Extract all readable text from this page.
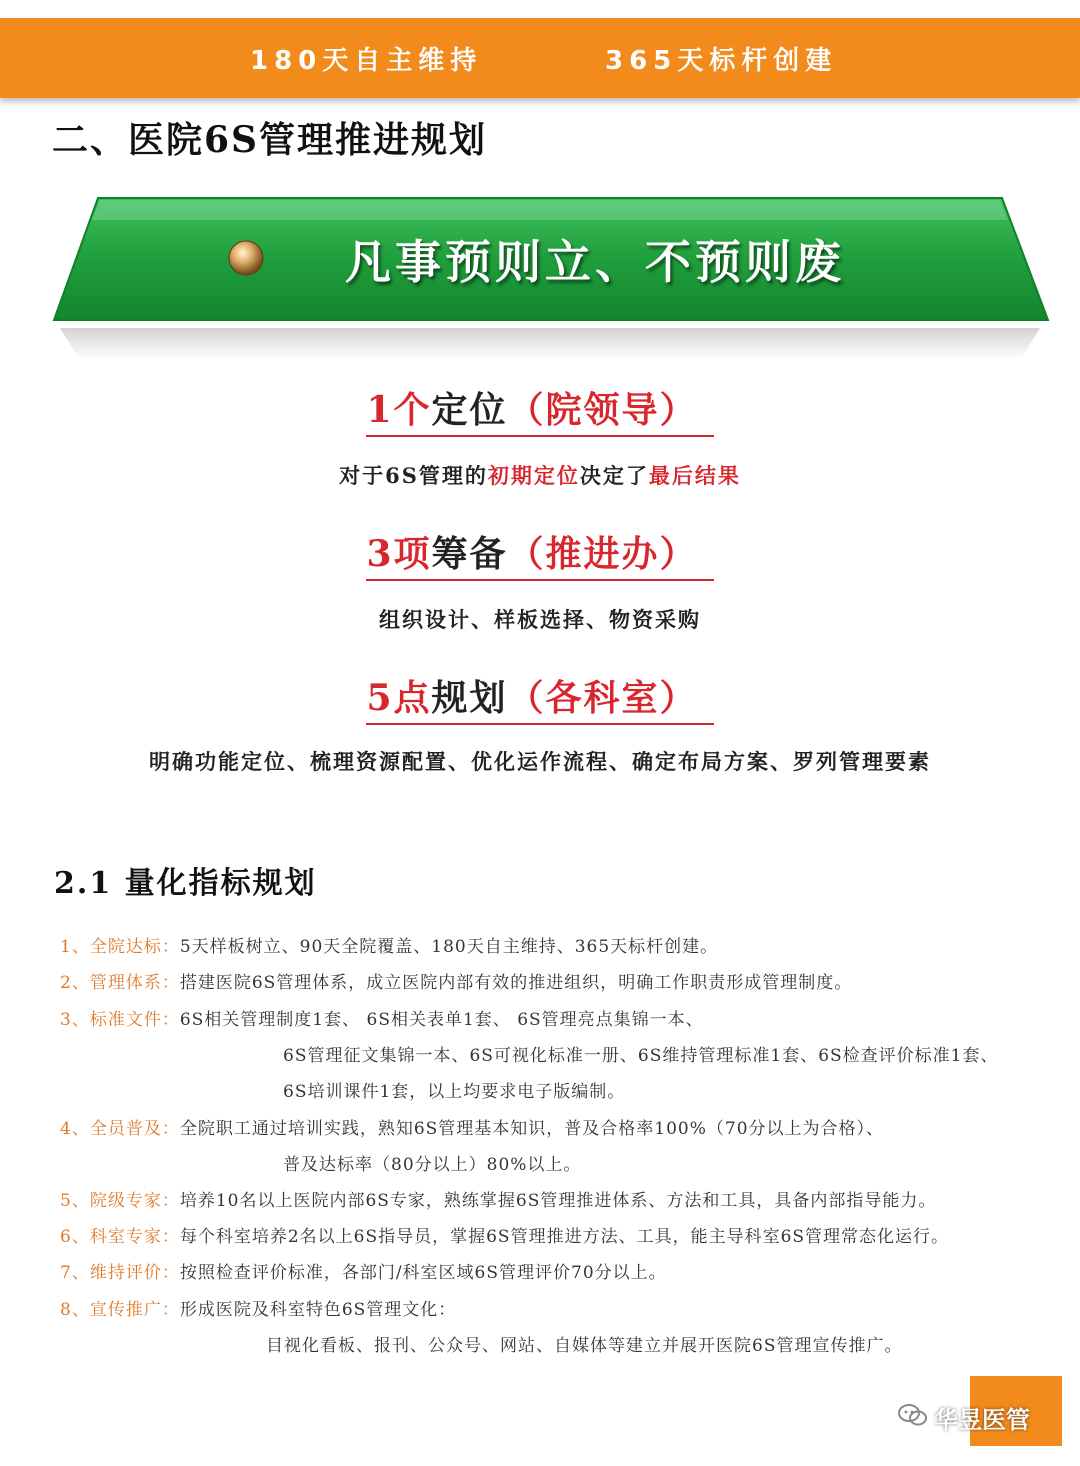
180天自主维持	365天标杆创建
二、医院6S管理推进规划
凡事预则立、不预则废
1个定位（院领导）
对于6S管理的初期定位决定了最后结果
3项筹备（推进办）
组织设计、样板选择、物资采购
5点规划（各科室）
明确功能定位、梳理资源配置、优化运作流程、确定布局方案、罗列管理要素
2.1 量化指标规划
1、全院达标：5天样板树立、90天全院覆盖、180天自主维持、365天标杆创建。
2、管理体系：搭建医院6S管理体系，成立医院内部有效的推进组织，明确工作职责形成管理制度。
3、标准文件：6S相关管理制度1套、 6S相关表单1套、 6S管理亮点集锦一本、
6S管理征文集锦一本、6S可视化标准一册、6S维持管理标准1套、6S检查评价标准1套、
6S培训课件1套，以上均要求电子版编制。
4、全员普及：全院职工通过培训实践，熟知6S管理基本知识，普及合格率100%（70分以上为合格）、
普及达标率（80分以上）80%以上。
5、院级专家：培养10名以上医院内部6S专家，熟练掌握6S管理推进体系、方法和工具，具备内部指导能力。
6、科室专家：每个科室培养2名以上6S指导员，掌握6S管理推进方法、工具，能主导科室6S管理常态化运行。
7、维持评价：按照检查评价标准，各部门/科室区域6S管理评价70分以上。
8、宣传推广：形成医院及科室特色6S管理文化：
目视化看板、报刊、公众号、网站、自媒体等建立并展开医院6S管理宣传推广。
华昱医管
